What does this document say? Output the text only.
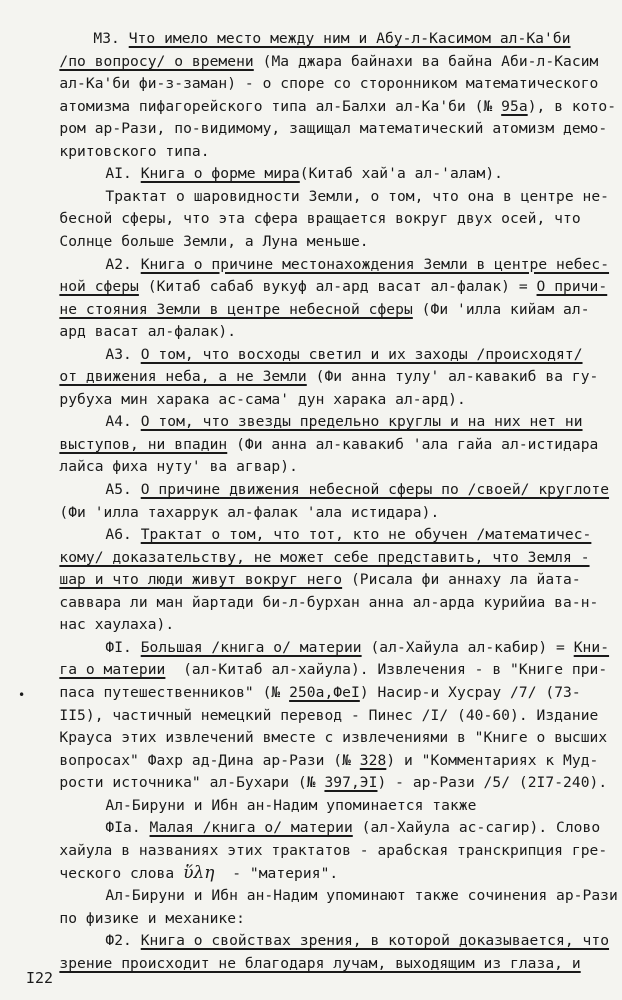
M3. Что имело место между ним и Абу-л-Касимом ал-Ка'би

/по вопросу/ о времени (Ма джара байнахи ва байна Аби-л-Касим

ал-Ка'би фи-з-заман) - о споре со сторонником математического

атомизма пифагорейского типа ал-Балхи ал-Ка'би (№ 95а), в кото-

ром ар-Рази, по-видимому, защищал математический атомизм демо-

критовского типа.

AI. Книга о форме мира(Китаб хай'а ал-'алам).

Трактат о шаровидности Земли, о том, что она в центре не-

бесной сферы, что эта сфера вращается вокруг двух осей, что

Солнце больше Земли, а Луна меньше.

A2. Книга о причине местонахождения Земли в центре небес-

ной сферы (Китаб сабаб вукуф ал-ард васат ал-фалак) = О причи-

не стояния Земли в центре небесной сферы (Фи 'илла кийам ал-

ард васат ал-фалак).

A3. О том, что восходы светил и их заходы /происходят/

от движения неба, а не Земли (Фи анна тулу' ал-кавакиб ва гу-

рубуха мин харака ас-сама' дун харака ал-ард).

A4. О том, что звезды предельно круглы и на них нет ни

выступов, ни впадин (Фи анна ал-кавакиб 'ала гайа ал-истидара

лайса фиха нуту' ва агвар).

A5. О причине движения небесной сферы по /своей/ круглоте

(Фи 'илла тахаррук ал-фалак 'ала истидара).

A6. Трактат о том, что тот, кто не обучен /математичес-

кому/ доказательству, не может себе представить, что Земля -

шар и что люди живут вокруг него (Рисала фи аннаху ла йата-

саввара ли ман йартади би-л-бурхан анна ал-арда курийиа ва-н-

нас хаулаха).

ФI. Большая /книга о/ материи (ал-Хайула ал-кабир) = Кни-

га о материи  (ал-Китаб ал-хайула). Извлечения - в "Книге при-

паса путешественников" (№ 250а,ФеI) Насир-и Хусрау /7/ (73-

II5), частичный немецкий перевод - Пинес /I/ (40-60). Издание

Крауса этих извлечений вместе с извлечениями в "Книге о высших

вопросах" Фахр ад-Дина ар-Рази (№ 328) и "Комментариях к Муд-

рости источника" ал-Бухари (№ 397,ЭI) - ар-Рази /5/ (2I7-240).

Ал-Бируни и Ибн ан-Надим упоминается также

ФIа. Малая /книга о/ материи (ал-Хайула ас-сагир). Слово

хайула в названиях этих трактатов - арабская транскрипция гре-

ческого слова ὕλη  - "материя".

Ал-Бируни и Ибн ан-Надим упоминают также сочинения ар-Рази

по физике и механике:

Ф2. Книга о свойствах зрения, в которой доказывается, что

зрение происходит не благодаря лучам, выходящим из глаза, и

•
I22
